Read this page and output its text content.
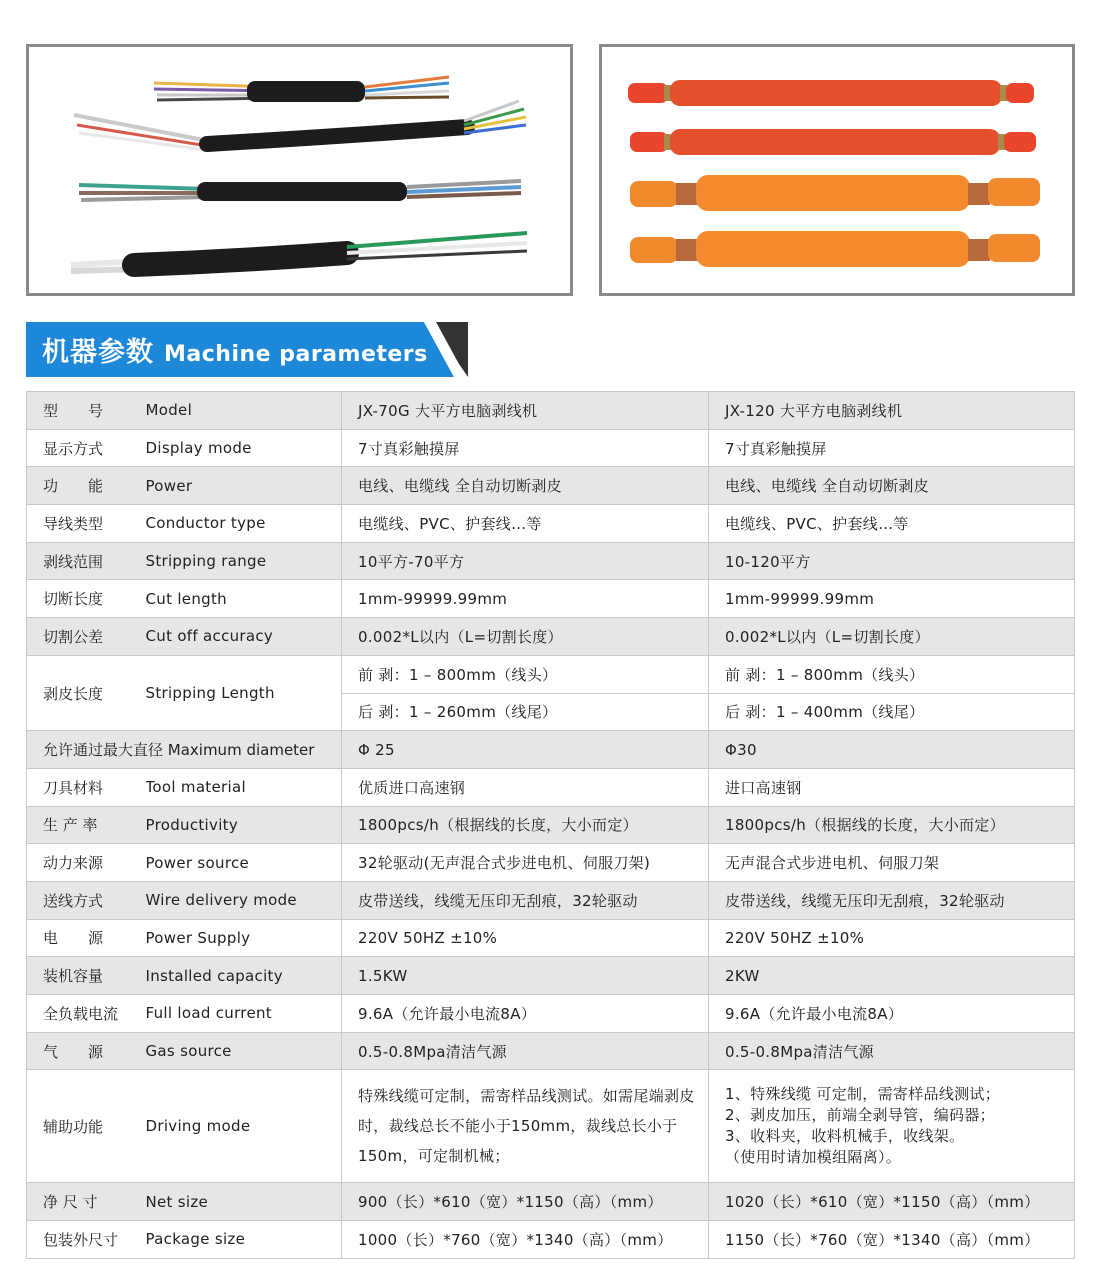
机器参数 Machine parameters
型　　号	Model	JX-70G 大平方电脑剥线机	JX-120 大平方电脑剥线机
显示方式	Display mode	7寸真彩触摸屏	7寸真彩触摸屏
功　　能	Power	电线、电缆线 全自动切断剥皮	电线、电缆线 全自动切断剥皮
导线类型	Conductor type	电缆线、PVC、护套线…等	电缆线、PVC、护套线…等
剥线范围	Stripping range	10平方-70平方	10-120平方
切断长度	Cut length	1mm-99999.99mm	1mm-99999.99mm
切割公差	Cut off accuracy	0.002*L以内（L=切割长度）	0.002*L以内（L=切割长度）
剥皮长度	Stripping Length	前 剥：1 – 800mm（线头）	前 剥：1 – 800mm（线头）
		后 剥：1 – 260mm（线尾）	后 剥：1 – 400mm（线尾）
允许通过最大直径 Maximum diameter		Φ 25	Φ30
刀具材料	Tool material	优质进口高速钢	进口高速钢
生 产 率	Productivity	1800pcs/h（根据线的长度，大小而定）	1800pcs/h（根据线的长度，大小而定）
动力来源	Power source	32轮驱动(无声混合式步进电机、伺服刀架)	无声混合式步进电机、伺服刀架
送线方式	Wire delivery mode	皮带送线，线缆无压印无刮痕，32轮驱动	皮带送线，线缆无压印无刮痕，32轮驱动
电　　源	Power Supply	220V 50HZ ±10%	220V 50HZ ±10%
装机容量	Installed capacity	1.5KW	2KW
全负载电流	Full load current	9.6A（允许最小电流8A）	9.6A（允许最小电流8A）
气　　源	Gas source	0.5-0.8Mpa清洁气源	0.5-0.8Mpa清洁气源
辅助功能	Driving mode	特殊线缆可定制，需寄样品线测试。如需尾端剥皮时，裁线总长不能小于150mm，裁线总长小于150m，可定制机械；	1、特殊线缆 可定制，需寄样品线测试；
2、剥皮加压，前端全剥导管，编码器；
3、收料夹，收料机械手，收线架。
（使用时请加模组隔离）。
净 尺 寸	Net size	900（长）*610（宽）*1150（高）（mm）	1020（长）*610（宽）*1150（高）（mm）
包装外尺寸	Package size	1000（长）*760（宽）*1340（高）（mm）	1150（长）*760（宽）*1340（高）（mm）
